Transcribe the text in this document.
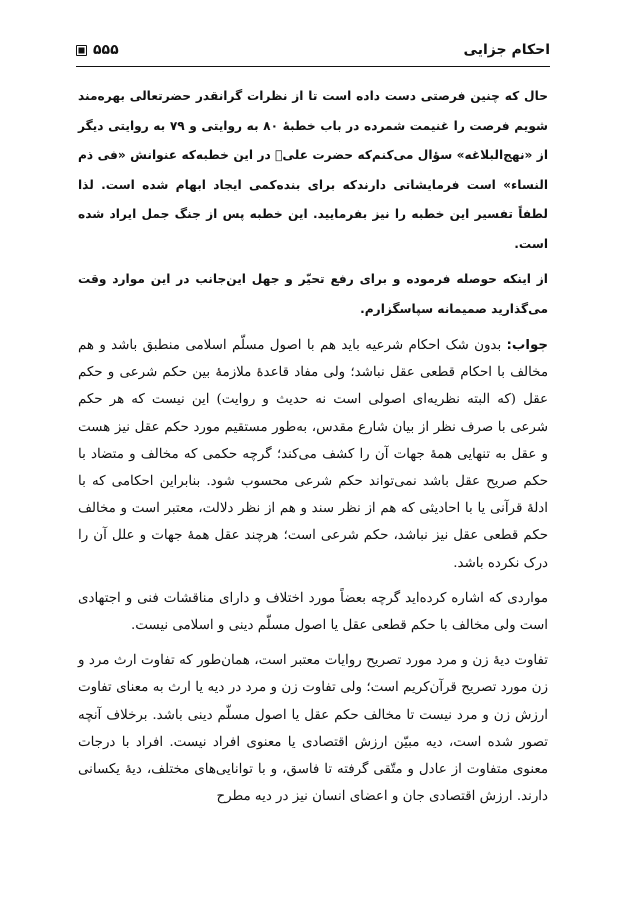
احکام جزایی
۵۵۵

حال که چنین فرصتی دست داده است تا از نظرات گرانقدر حضرتعالی بهره‌مند شویم فرصت را غنیمت شمرده در باب خطبهٔ ۸۰ به روایتی و ۷۹ به روایتی دیگر از «نهج‌البلاغه» سؤال می‌کنم‌که حضرت علیؑ در این خطبه‌که عنوانش «فی ذم النساء» است فرمایشاتی دارند‌که برای بنده‌کمی ایجاد ابهام شده است. لذا لطفاً تفسیر این خطبه را نیز بفرمایید. این خطبه پس از جنگ جمل ایراد شده است.

از اینکه حوصله فرموده و برای رفع تحیّر و جهل این‌جانب در این موارد وقت می‌گذارید صمیمانه سپاسگزارم.

جواب: بدون شک احکام شرعیه باید هم با اصول مسلّم اسلامی منطبق باشد و هم مخالف با احکام قطعی عقل نباشد؛ ولی مفاد قاعدهٔ ملازمهٔ بین حکم شرعی و حکم عقل (که البته نظریه‌ای اصولی است نه حدیث و روایت) این نیست که هر حکم شرعی با صرف نظر از بیان شارع مقدس، به‌طور مستقیم مورد حکم عقل نیز هست و عقل به تنهایی همهٔ جهات آن را کشف می‌کند؛ گرچه حکمی که مخالف و متضاد با حکم صریح عقل باشد نمی‌تواند حکم شرعی محسوب شود. بنابراین احکامی که با ادلهٔ قرآنی یا با احادیثی که هم از نظر سند و هم از نظر دلالت، معتبر است و مخالف حکم قطعی عقل نیز نباشد، حکم شرعی است؛ هرچند عقل همهٔ جهات و علل آن را درک نکرده باشد.

مواردی که اشاره کرده‌اید گرچه بعضاً مورد اختلاف و دارای مناقشات فنی و اجتهادی است ولی مخالف با حکم قطعی عقل یا اصول مسلّم دینی و اسلامی نیست.

تفاوت دیهٔ زن و مرد مورد تصریح روایات معتبر است، همان‌طور که تفاوت ارث مرد و زن مورد تصریح قرآن‌کریم است؛ ولی تفاوت زن و مرد در دیه یا ارث به معنای تفاوت ارزش زن و مرد نیست تا مخالف حکم عقل یا اصول مسلّم دینی باشد. برخلاف آنچه تصور شده است، دیه مبیّن ارزش اقتصادی یا معنوی افراد نیست. افراد با درجات معنوی متفاوت از عادل و متّقی گرفته تا فاسق، و با توانایی‌های مختلف، دیهٔ یکسانی دارند. ارزش اقتصادی جان و اعضای انسان نیز در دیه مطرح
